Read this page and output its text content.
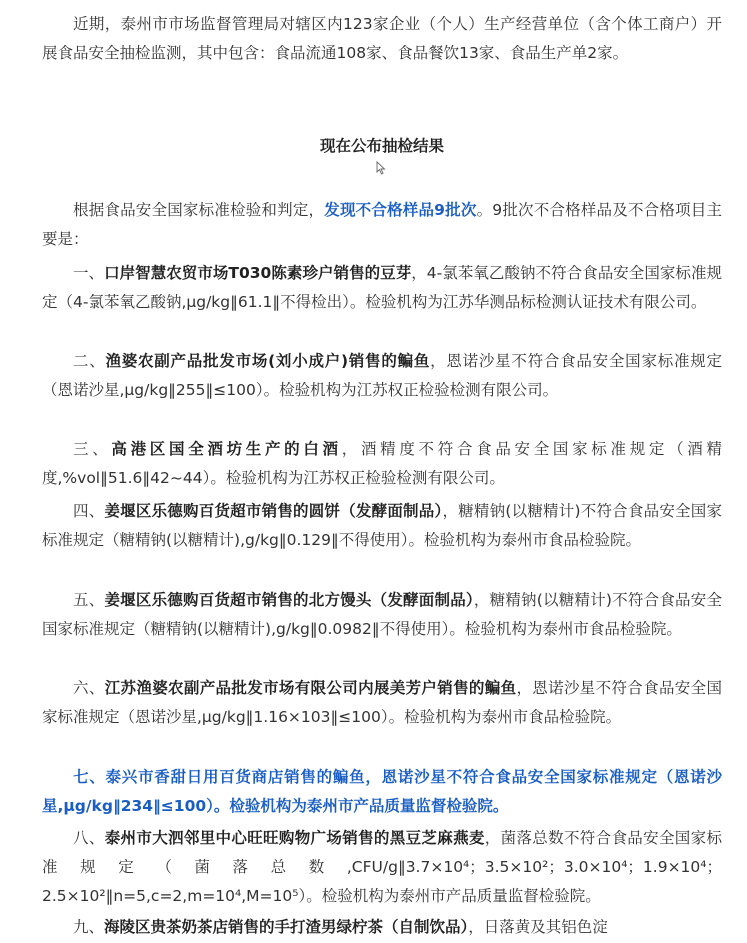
近期，泰州市市场监督管理局对辖区内123家企业（个人）生产经营单位（含个体工商户）开展食品安全抽检监测，其中包含：食品流通108家、食品餐饮13家、食品生产单2家。

现在公布抽检结果

根据食品安全国家标准检验和判定，发现不合格样品9批次。9批次不合格样品及不合格项目主要是：

一、口岸智慧农贸市场T030陈素珍户销售的豆芽，4-氯苯氧乙酸钠不符合食品安全国家标准规定（4-氯苯氧乙酸钠,μg/kg‖61.1‖不得检出）。检验机构为江苏华测品标检测认证技术有限公司。

二、渔婆农副产品批发市场(刘小成户)销售的鳊鱼，恩诺沙星不符合食品安全国家标准规定（恩诺沙星,μg/kg‖255‖≤100）。检验机构为江苏权正检验检测有限公司。

三、高港区国全酒坊生产的白酒，酒精度不符合食品安全国家标准规定（酒精度,%vol‖51.6‖42~44）。检验机构为江苏权正检验检测有限公司。

四、姜堰区乐德购百货超市销售的圆饼（发酵面制品），糖精钠(以糖精计)不符合食品安全国家标准规定（糖精钠(以糖精计),g/kg‖0.129‖不得使用）。检验机构为泰州市食品检验院。

五、姜堰区乐德购百货超市销售的北方馒头（发酵面制品），糖精钠(以糖精计)不符合食品安全国家标准规定（糖精钠(以糖精计),g/kg‖0.0982‖不得使用）。检验机构为泰州市食品检验院。

六、江苏渔婆农副产品批发市场有限公司内展美芳户销售的鳊鱼，恩诺沙星不符合食品安全国家标准规定（恩诺沙星,μg/kg‖1.16×103‖≤100）。检验机构为泰州市食品检验院。

七、泰兴市香甜日用百货商店销售的鳊鱼，恩诺沙星不符合食品安全国家标准规定（恩诺沙星,μg/kg‖234‖≤100）。检验机构为泰州市产品质量监督检验院。

八、泰州市大泗邻里中心旺旺购物广场销售的黑豆芝麻燕麦，菌落总数不符合食品安全国家标准规定（菌落总数,CFU/g‖3.7×10⁴；3.5×10²；3.0×10⁴；1.9×10⁴；2.5×10²‖n=5,c=2,m=10⁴,M=10⁵）。检验机构为泰州市产品质量监督检验院。

九、海陵区贵茶奶茶店销售的手打渣男绿柠茶（自制饮品），日落黄及其铝色淀
